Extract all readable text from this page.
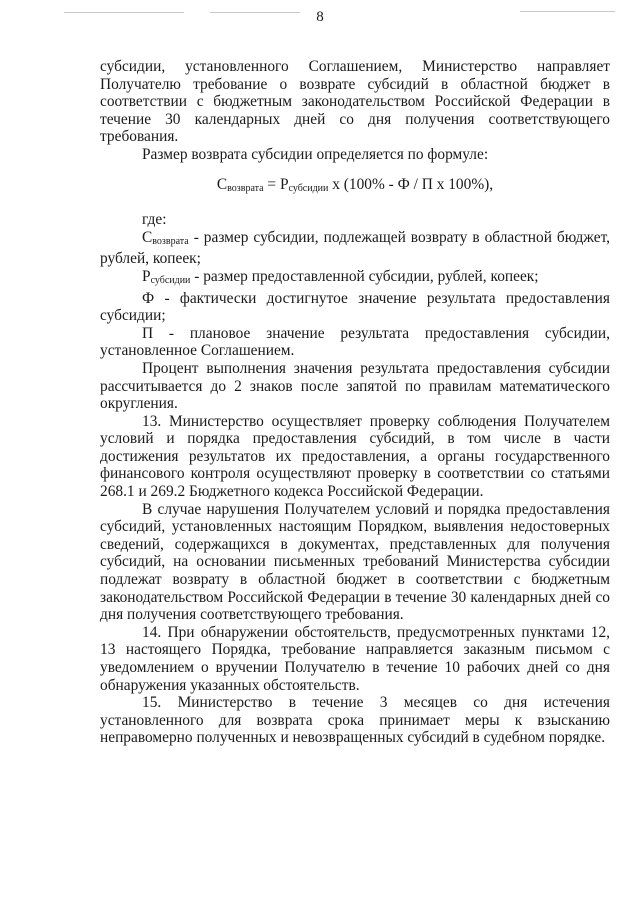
8

субсидии, установленного Соглашением, Министерство направляет Получателю требование о возврате субсидий в областной бюджет в соответствии с бюджетным законодательством Российской Федерации в течение 30 календарных дней со дня получения соответствующего требования.

Размер возврата субсидии определяется по формуле:

$С_{возврата} = Р_{субсидии}$ х (100% - Ф / П х 100%),

где:

$С_{возврата}$ - размер субсидии, подлежащей возврату в областной бюджет, рублей, копеек;

$Р_{субсидии}$ - размер предоставленной субсидии, рублей, копеек;

Ф - фактически достигнутое значение результата предоставления субсидии;

П - плановое значение результата предоставления субсидии, установленное Соглашением.

Процент выполнения значения результата предоставления субсидии рассчитывается до 2 знаков после запятой по правилам математического округления.

13. Министерство осуществляет проверку соблюдения Получателем условий и порядка предоставления субсидий, в том числе в части достижения результатов их предоставления, а органы государственного финансового контроля осуществляют проверку в соответствии со статьями 268.1 и 269.2 Бюджетного кодекса Российской Федерации.

В случае нарушения Получателем условий и порядка предоставления субсидий, установленных настоящим Порядком, выявления недостоверных сведений, содержащихся в документах, представленных для получения субсидий, на основании письменных требований Министерства субсидии подлежат возврату в областной бюджет в соответствии с бюджетным законодательством Российской Федерации в течение 30 календарных дней со дня получения соответствующего требования.

14. При обнаружении обстоятельств, предусмотренных пунктами 12, 13 настоящего Порядка, требование направляется заказным письмом с уведомлением о вручении Получателю в течение 10 рабочих дней со дня обнаружения указанных обстоятельств.

15. Министерство в течение 3 месяцев со дня истечения установленного для возврата срока принимает меры к взысканию неправомерно полученных и невозвращенных субсидий в судебном порядке.
